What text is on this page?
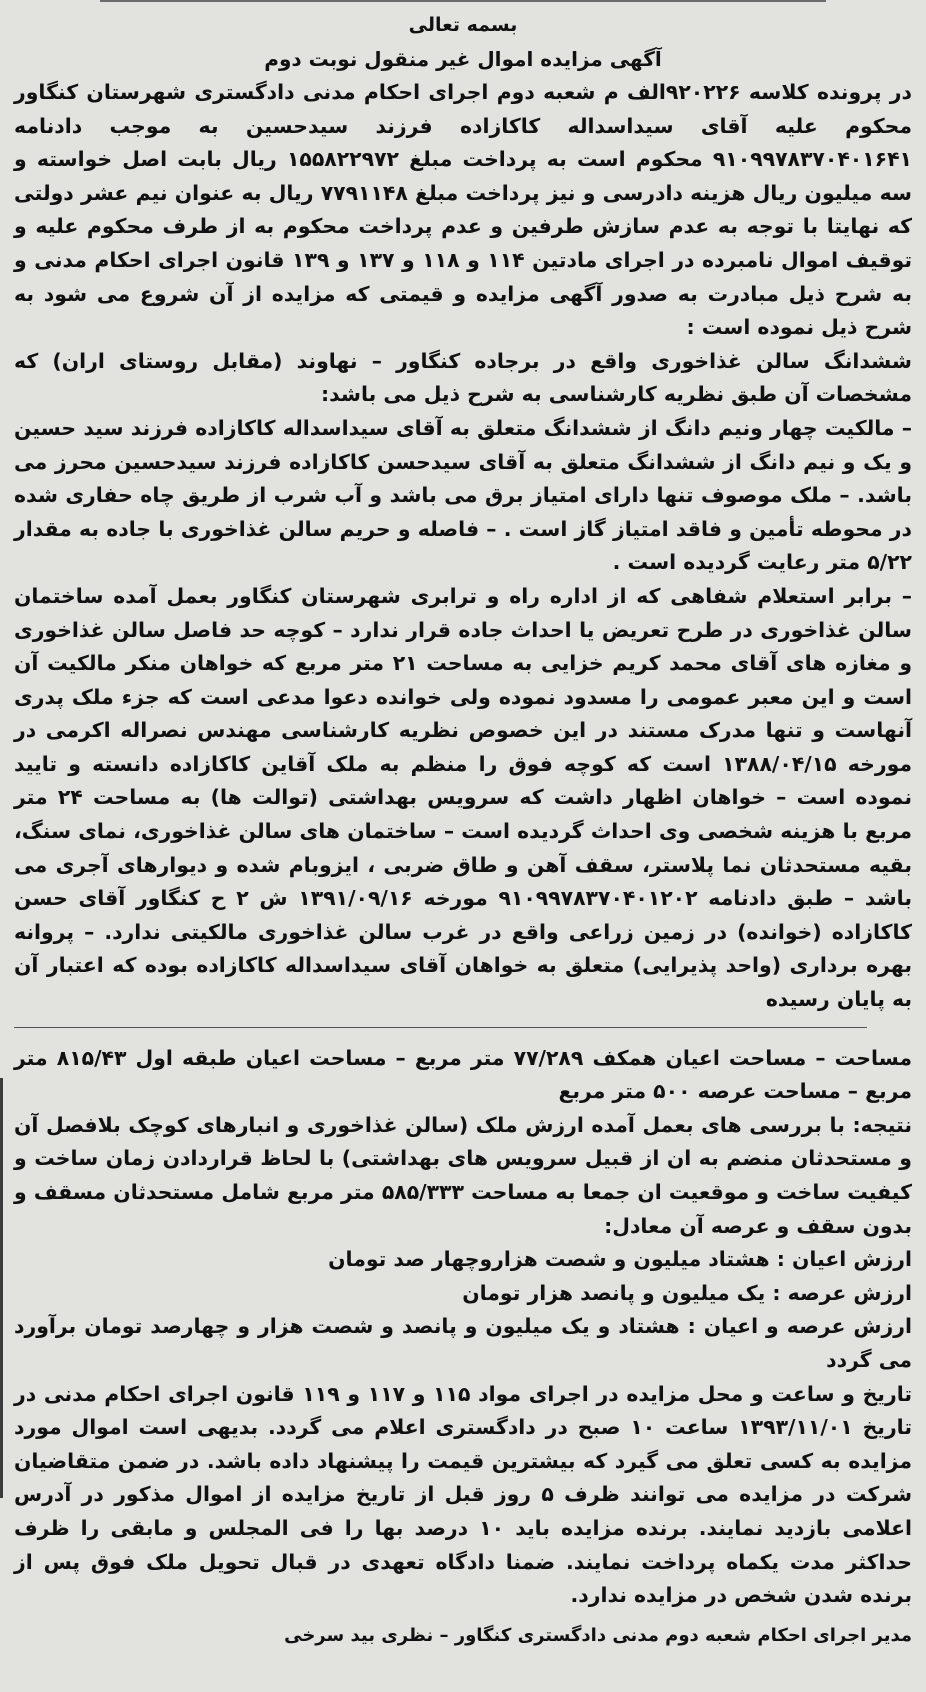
بسمه تعالی

آگهی مزایده اموال غیر منقول نوبت دوم

در پرونده کلاسه ۹۲۰۲۲۶الف م شعبه دوم اجرای احکام مدنی دادگستری شهرستان کنگاور محکوم علیه آقای سیداسداله کاکازاده فرزند سیدحسین به موجب دادنامه ۹۱۰۹۹۷۸۳۷۰۴۰۱۶۴۱ محکوم است به پرداخت مبلغ ۱۵۵۸۲۲۹۷۲ ریال بابت اصل خواسته و سه میلیون ریال هزینه دادرسی و نیز پرداخت مبلغ ۷۷۹۱۱۴۸ ریال به عنوان نیم عشر دولتی که نهایتا با توجه به عدم سازش طرفین و عدم پرداخت محکوم به از طرف محکوم علیه و توقیف اموال نامبرده در اجرای مادتین ۱۱۴ و ۱۱۸ و ۱۳۷ و ۱۳۹ قانون اجرای احکام مدنی و به شرح ذیل مبادرت به صدور آگهی مزایده و قیمتی که مزایده از آن شروع می شود به شرح ذیل نموده است :

ششدانگ سالن غذاخوری واقع در برجاده کنگاور – نهاوند (مقابل روستای اران) که مشخصات آن طبق نظریه کارشناسی به شرح ذیل می باشد:

– مالکیت چهار ونیم دانگ از ششدانگ متعلق به آقای سیداسداله کاکازاده فرزند سید حسین و یک و نیم دانگ از ششدانگ متعلق به آقای سیدحسن کاکازاده فرزند سیدحسین محرز می باشد. – ملک موصوف تنها دارای امتیاز برق می باشد و آب شرب از طریق چاه حفاری شده در محوطه تأمین و فاقد امتیاز گاز است . – فاصله و حریم سالن غذاخوری با جاده به مقدار ۵/۲۲ متر رعایت گردیده است .

– برابر استعلام شفاهی که از اداره راه و ترابری شهرستان کنگاور بعمل آمده ساختمان سالن غذاخوری در طرح تعریض یا احداث جاده قرار ندارد – کوچه حد فاصل سالن غذاخوری و مغازه های آقای محمد کریم خزایی به مساحت ۲۱ متر مربع که خواهان منکر مالکیت آن است و این معبر عمومی را مسدود نموده ولی خوانده دعوا مدعی است که جزء ملک پدری آنهاست و تنها مدرک مستند در این خصوص نظریه کارشناسی مهندس نصراله اکرمی در مورخه ۱۳۸۸/۰۴/۱۵ است که کوچه فوق را منظم به ملک آقاین کاکازاده دانسته و تایید نموده است – خواهان اظهار داشت که سرویس بهداشتی (توالت ها) به مساحت ۲۴ متر مربع با هزینه شخصی وی احداث گردیده است – ساختمان های سالن غذاخوری، نمای سنگ، بقیه مستحدثان نما پلاستر، سقف آهن و طاق ضربی ، ایزوبام شده و دیوارهای آجری می باشد – طبق دادنامه ۹۱۰۹۹۷۸۳۷۰۴۰۱۲۰۲ مورخه ۱۳۹۱/۰۹/۱۶ ش ۲ ح کنگاور آقای حسن کاکازاده (خوانده) در زمین زراعی واقع در غرب سالن غذاخوری مالکیتی ندارد. – پروانه بهره برداری (واحد پذیرایی) متعلق به خواهان آقای سیداسداله کاکازاده بوده که اعتبار آن به پایان رسیده

مساحت – مساحت اعیان همکف ۷۷/۲۸۹ متر مربع – مساحت اعیان طبقه اول ۸۱۵/۴۳ متر مربع – مساحت عرصه ۵۰۰ متر مربع

نتیجه: با بررسی های بعمل آمده ارزش ملک (سالن غذاخوری و انبارهای کوچک بلافصل آن و مستحدثان منضم به ان از قبیل سرویس های بهداشتی) با لحاظ قراردادن زمان ساخت و کیفیت ساخت و موقعیت ان جمعا به مساحت ۵۸۵/۳۳۳ متر مربع شامل مستحدثان مسقف و بدون سقف و عرصه آن معادل:

ارزش اعیان : هشتاد میلیون و شصت هزاروچهار صد تومان

ارزش عرصه : یک میلیون و پانصد هزار تومان

ارزش عرصه و اعیان : هشتاد و یک میلیون و پانصد و شصت هزار و چهارصد تومان برآورد می گردد

تاریخ و ساعت و محل مزایده در اجرای مواد ۱۱۵ و ۱۱۷ و ۱۱۹ قانون اجرای احکام مدنی در تاریخ ۱۳۹۳/۱۱/۰۱ ساعت ۱۰ صبح در دادگستری اعلام می گردد. بدیهی است اموال مورد مزایده به کسی تعلق می گیرد که بیشترین قیمت را پیشنهاد داده باشد. در ضمن متقاضیان شرکت در مزایده می توانند ظرف ۵ روز قبل از تاریخ مزایده از اموال مذکور در آدرس اعلامی بازدید نمایند. برنده مزایده باید ۱۰ درصد بها را فی المجلس و مابقی را ظرف حداکثر مدت یکماه پرداخت نمایند. ضمنا دادگاه تعهدی در قبال تحویل ملک فوق پس از برنده شدن شخص در مزایده ندارد.

مدیر اجرای احکام شعبه دوم مدنی دادگستری کنگاور – نظری بید سرخی
